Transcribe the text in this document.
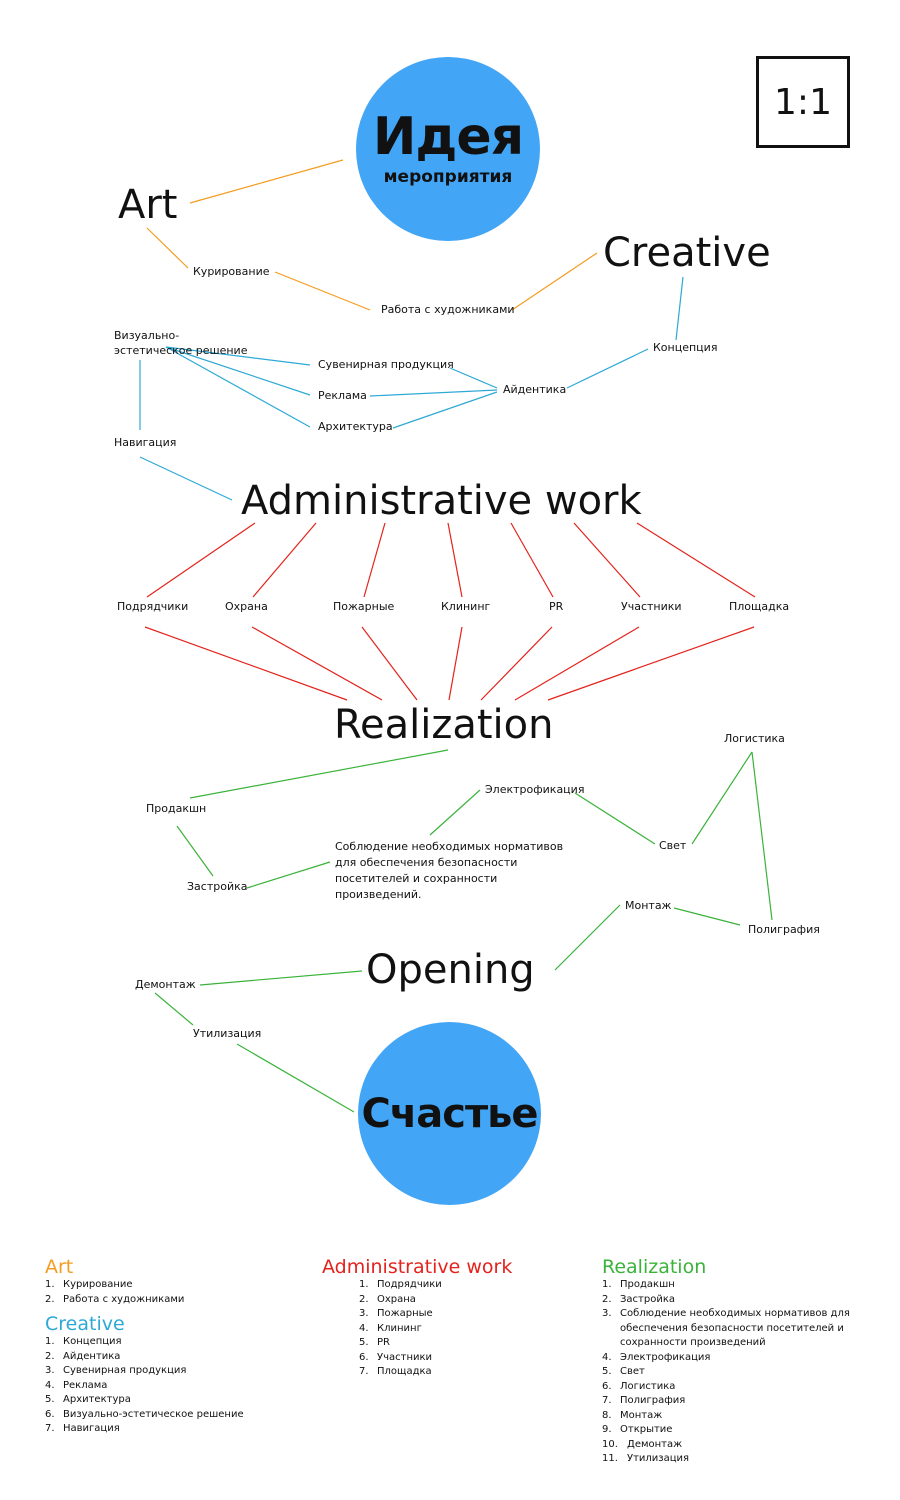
Идея
мероприятия
1:1
Art
Creative
Administrative work
Realization
Opening
Курирование
Работа с художниками
Визуально-эстетическое решение	Концепция
Сувенирная продукция
Реклама	Айдентика
Архитектура
Навигация
Подрядчики	Охрана	Пожарные	Клининг	PR	Участники	Площадка
Логистика
Продакшн
Электрофикация
Свет
Соблюдение необходимых нормативов для обеспечения безопасности посетителей и сохранности произведений.
Застройка
Монтаж
Полиграфия
Демонтаж
Утилизация
Счастье
Art
1. Курирование
2. Работа с художниками
Creative
1. Концепция
2. Айдентика
3. Сувенирная продукция
4. Реклама
5. Архитектура
6. Визуально-эстетическое решение
7. Навигация
Administrative work
1. Подрядчики
2. Охрана
3. Пожарные
4. Клининг
5. PR
6. Участники
7. Площадка
Realization
1. Продакшн
2. Застройка
3. Соблюдение необходимых нормативов для обеспечения безопасности посетителей и сохранности произведений
4. Электрофикация
5. Свет
6. Логистика
7. Полиграфия
8. Монтаж
9. Открытие
10. Демонтаж
11. Утилизация
